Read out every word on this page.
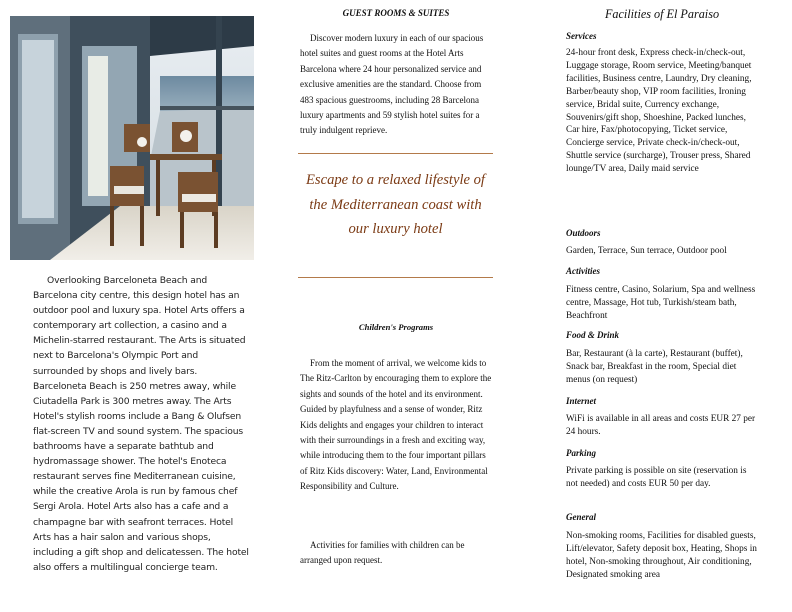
Overlooking Barceloneta Beach and Barcelona city centre, this design hotel has an outdoor pool and luxury spa. Hotel Arts offers a contemporary art collection, a casino and a Michelin-starred restaurant. The Arts is situated next to Barcelona's Olympic Port and surrounded by shops and lively bars. Barceloneta Beach is 250 metres away, while Ciutadella Park is 300 metres away. The Arts Hotel's stylish rooms include a Bang & Olufsen flat-screen TV and sound system. The spacious bathrooms have a separate bathtub and hydromassage shower. The hotel's Enoteca restaurant serves fine Mediterranean cuisine, while the creative Arola is run by famous chef Sergi Arola. Hotel Arts also has a cafe and a champagne bar with seafront terraces. Hotel Arts has a hair salon and various shops, including a gift shop and delicatessen. The hotel also offers a multilingual concierge team.
GUEST ROOMS & SUITES
Discover modern luxury in each of our spacious hotel suites and guest rooms at the Hotel Arts Barcelona where 24 hour personalized service and exclusive amenities are the standard. Choose from 483 spacious guestrooms, including 28 Barcelona luxury apartments and 59 stylish hotel suites for a truly indulgent reprieve.
Escape to a relaxed lifestyle of the Mediterranean coast with our luxury hotel
Children's Programs
From the moment of arrival, we welcome kids to The Ritz-Carlton by encouraging them to explore the sights and sounds of the hotel and its environment. Guided by playfulness and a sense of wonder, Ritz Kids delights and engages your children to interact with their surroundings in a fresh and exciting way, while introducing them to the four important pillars of Ritz Kids discovery: Water, Land, Environmental Responsibility and Culture.
Activities for families with children can be arranged upon request.
Facilities of El Paraiso
Services
24-hour front desk, Express check-in/check-out, Luggage storage, Room service, Meeting/banquet facilities, Business centre, Laundry, Dry cleaning, Barber/beauty shop, VIP room facilities, Ironing service, Bridal suite, Currency exchange, Souvenirs/gift shop, Shoeshine, Packed lunches, Car hire, Fax/photocopying, Ticket service, Concierge service, Private check-in/check-out, Shuttle service (surcharge), Trouser press, Shared lounge/TV area, Daily maid service
Outdoors
Garden, Terrace, Sun terrace, Outdoor pool
Activities
Fitness centre, Casino, Solarium, Spa and wellness centre, Massage, Hot tub, Turkish/steam bath, Beachfront
Food & Drink
Bar, Restaurant (à la carte), Restaurant (buffet), Snack bar, Breakfast in the room, Special diet menus (on request)
Internet
WiFi is available in all areas and costs EUR 27 per 24 hours.
Parking
Private parking is possible on site (reservation is not needed) and costs EUR 50 per day.
General
Non-smoking rooms, Facilities for disabled guests, Lift/elevator, Safety deposit box, Heating, Shops in hotel, Non-smoking throughout, Air conditioning, Designated smoking area
